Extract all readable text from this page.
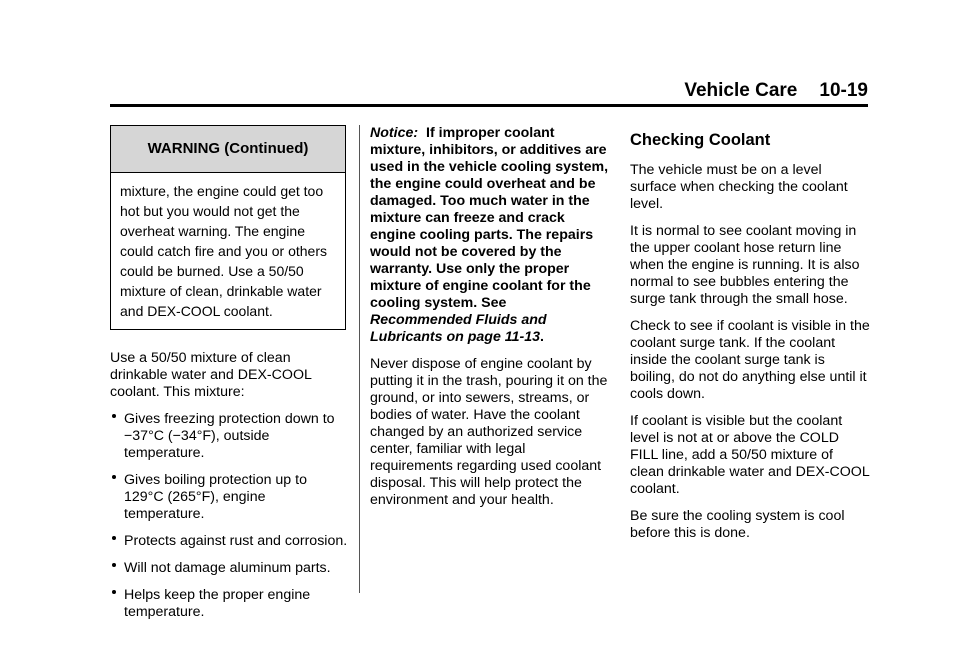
Vehicle Care 10-19
WARNING (Continued)
mixture, the engine could get too hot but you would not get the overheat warning. The engine could catch fire and you or others could be burned. Use a 50/50 mixture of clean, drinkable water and DEX-COOL coolant.

Use a 50/50 mixture of clean drinkable water and DEX-COOL coolant. This mixture:

Gives freezing protection down to −37°C (−34°F), outside temperature.
Gives boiling protection up to 129°C (265°F), engine temperature.
Protects against rust and corrosion.
Will not damage aluminum parts.
Helps keep the proper engine temperature.

Notice: If improper coolant mixture, inhibitors, or additives are used in the vehicle cooling system, the engine could overheat and be damaged. Too much water in the mixture can freeze and crack engine cooling parts. The repairs would not be covered by the warranty. Use only the proper mixture of engine coolant for the cooling system. See Recommended Fluids and Lubricants on page 11-13.

Never dispose of engine coolant by putting it in the trash, pouring it on the ground, or into sewers, streams, or bodies of water. Have the coolant changed by an authorized service center, familiar with legal requirements regarding used coolant disposal. This will help protect the environment and your health.

Checking Coolant

The vehicle must be on a level surface when checking the coolant level.

It is normal to see coolant moving in the upper coolant hose return line when the engine is running. It is also normal to see bubbles entering the surge tank through the small hose.

Check to see if coolant is visible in the coolant surge tank. If the coolant inside the coolant surge tank is boiling, do not do anything else until it cools down.

If coolant is visible but the coolant level is not at or above the COLD FILL line, add a 50/50 mixture of clean drinkable water and DEX-COOL coolant.

Be sure the cooling system is cool before this is done.
